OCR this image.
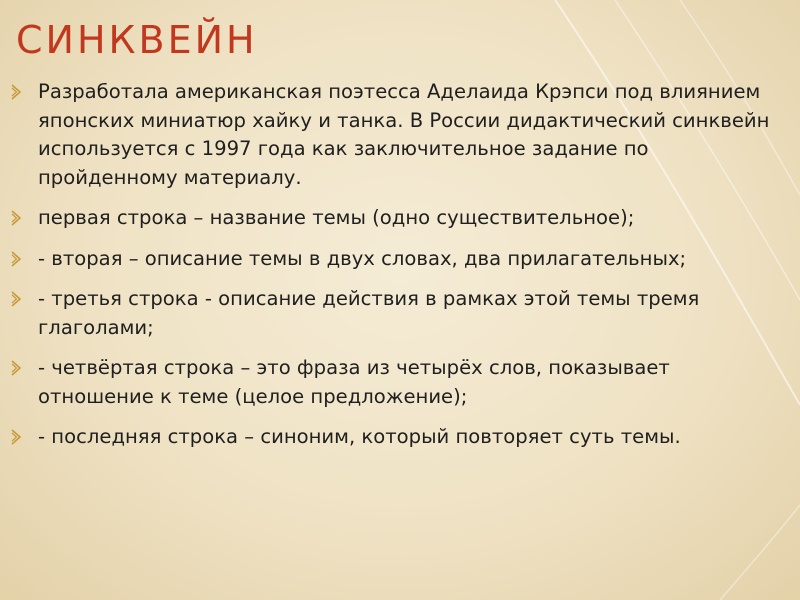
СИНКВЕЙН
Разработала американская поэтесса Аделаида Крэпси под влиянием японских миниатюр хайку и танка. В России дидактический синквейн используется с 1997 года как заключительное задание по пройденному материалу.
первая строка – название темы (одно существительное);
- вторая – описание темы в двух словах, два прилагательных;
- третья строка - описание действия в рамках этой темы тремя глаголами;
- четвёртая строка – это фраза из четырёх слов, показывает отношение к теме (целое предложение);
- последняя строка – синоним, который повторяет суть темы.
